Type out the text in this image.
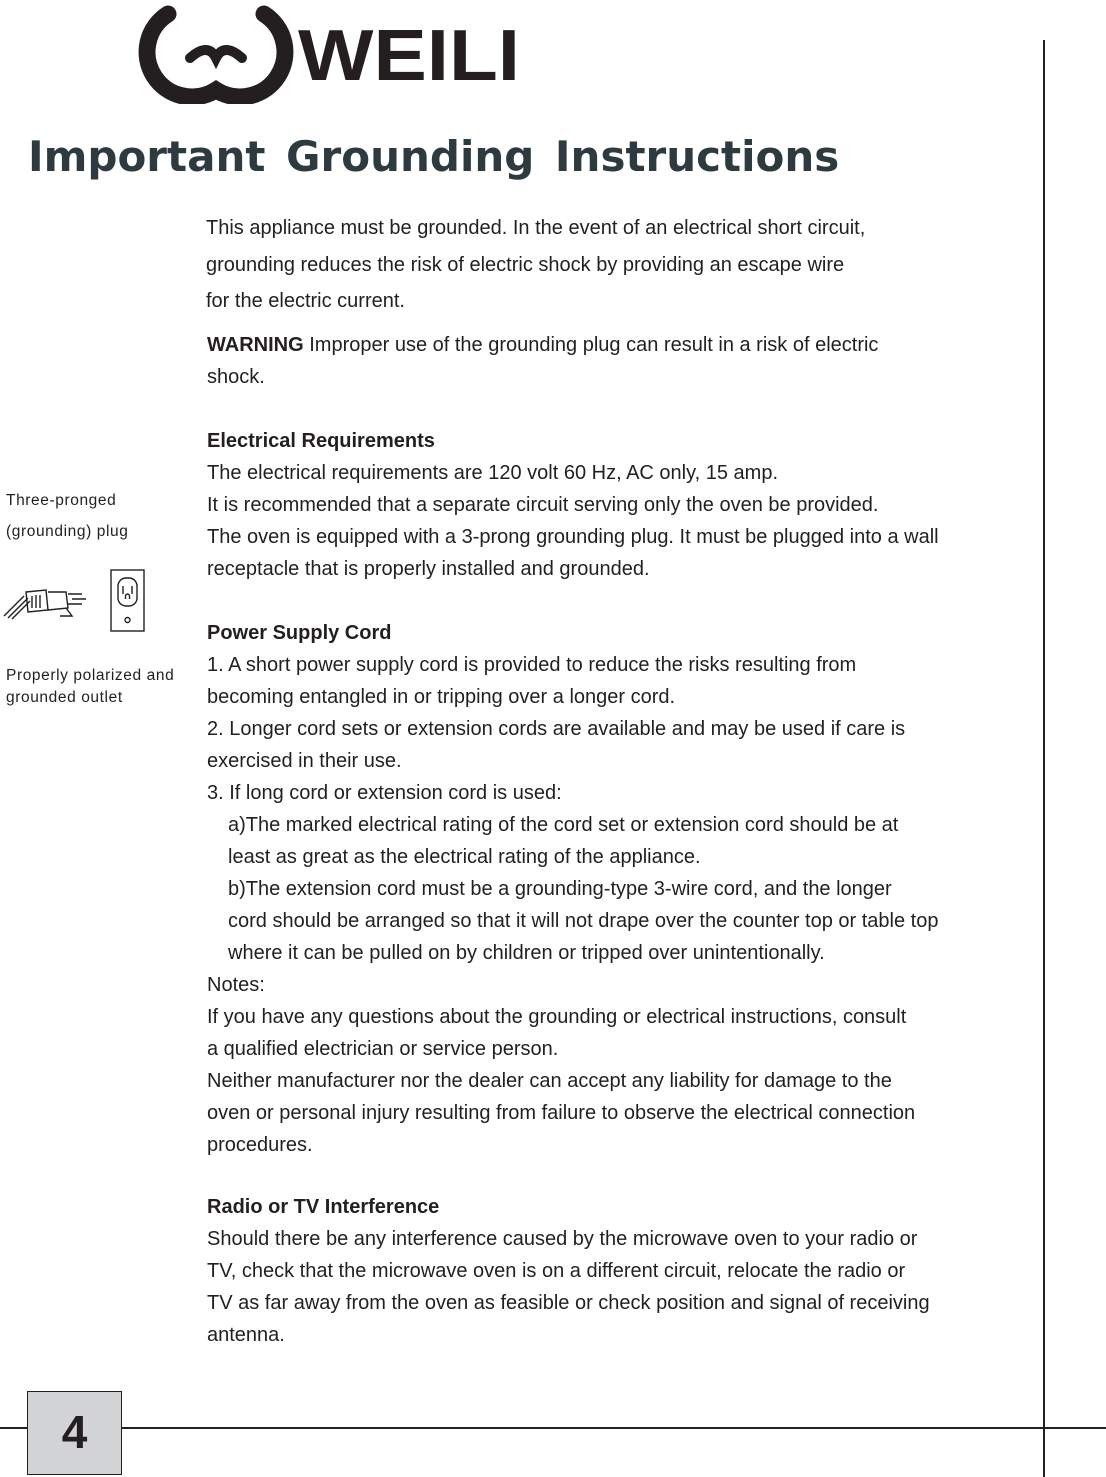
WEILI
Important Grounding Instructions
This appliance must be grounded. In the event of an electrical short circuit,
grounding reduces the risk of electric shock by providing an escape wire
for the electric current.
WARNING Improper use of the grounding plug can result in a risk of electric
shock.
Electrical Requirements
The electrical requirements are 120 volt 60 Hz, AC only, 15 amp.
It is recommended that a separate circuit serving only the oven be provided.
The oven is equipped with a 3-prong grounding plug. It must be plugged into a wall
receptacle that is properly installed and grounded.
Power Supply Cord
1. A short power supply cord is provided to reduce the risks resulting from
becoming entangled in or tripping over a longer cord.
2. Longer cord sets or extension cords are available and may be used if care is
exercised in their use.
3. If long cord or extension cord is used:
a)The marked electrical rating of the cord set or extension cord should be at
least as great as the electrical rating of the appliance.
b)The extension cord must be a grounding-type 3-wire cord, and the longer
cord should be arranged so that it will not drape over the counter top or table top
where it can be pulled on by children or tripped over unintentionally.
Notes:
If you have any questions about the grounding or electrical instructions, consult
a qualified electrician or service person.
Neither manufacturer nor the dealer can accept any liability for damage to the
oven or personal injury resulting from failure to observe the electrical connection
procedures.
Radio or TV Interference
Should there be any interference caused by the microwave oven to your radio or
TV, check that the microwave oven is on a different circuit, relocate the radio or
TV as far away from the oven as feasible or check position and signal of receiving
antenna.
Three-pronged
(grounding) plug
Properly polarized and
grounded outlet
4
